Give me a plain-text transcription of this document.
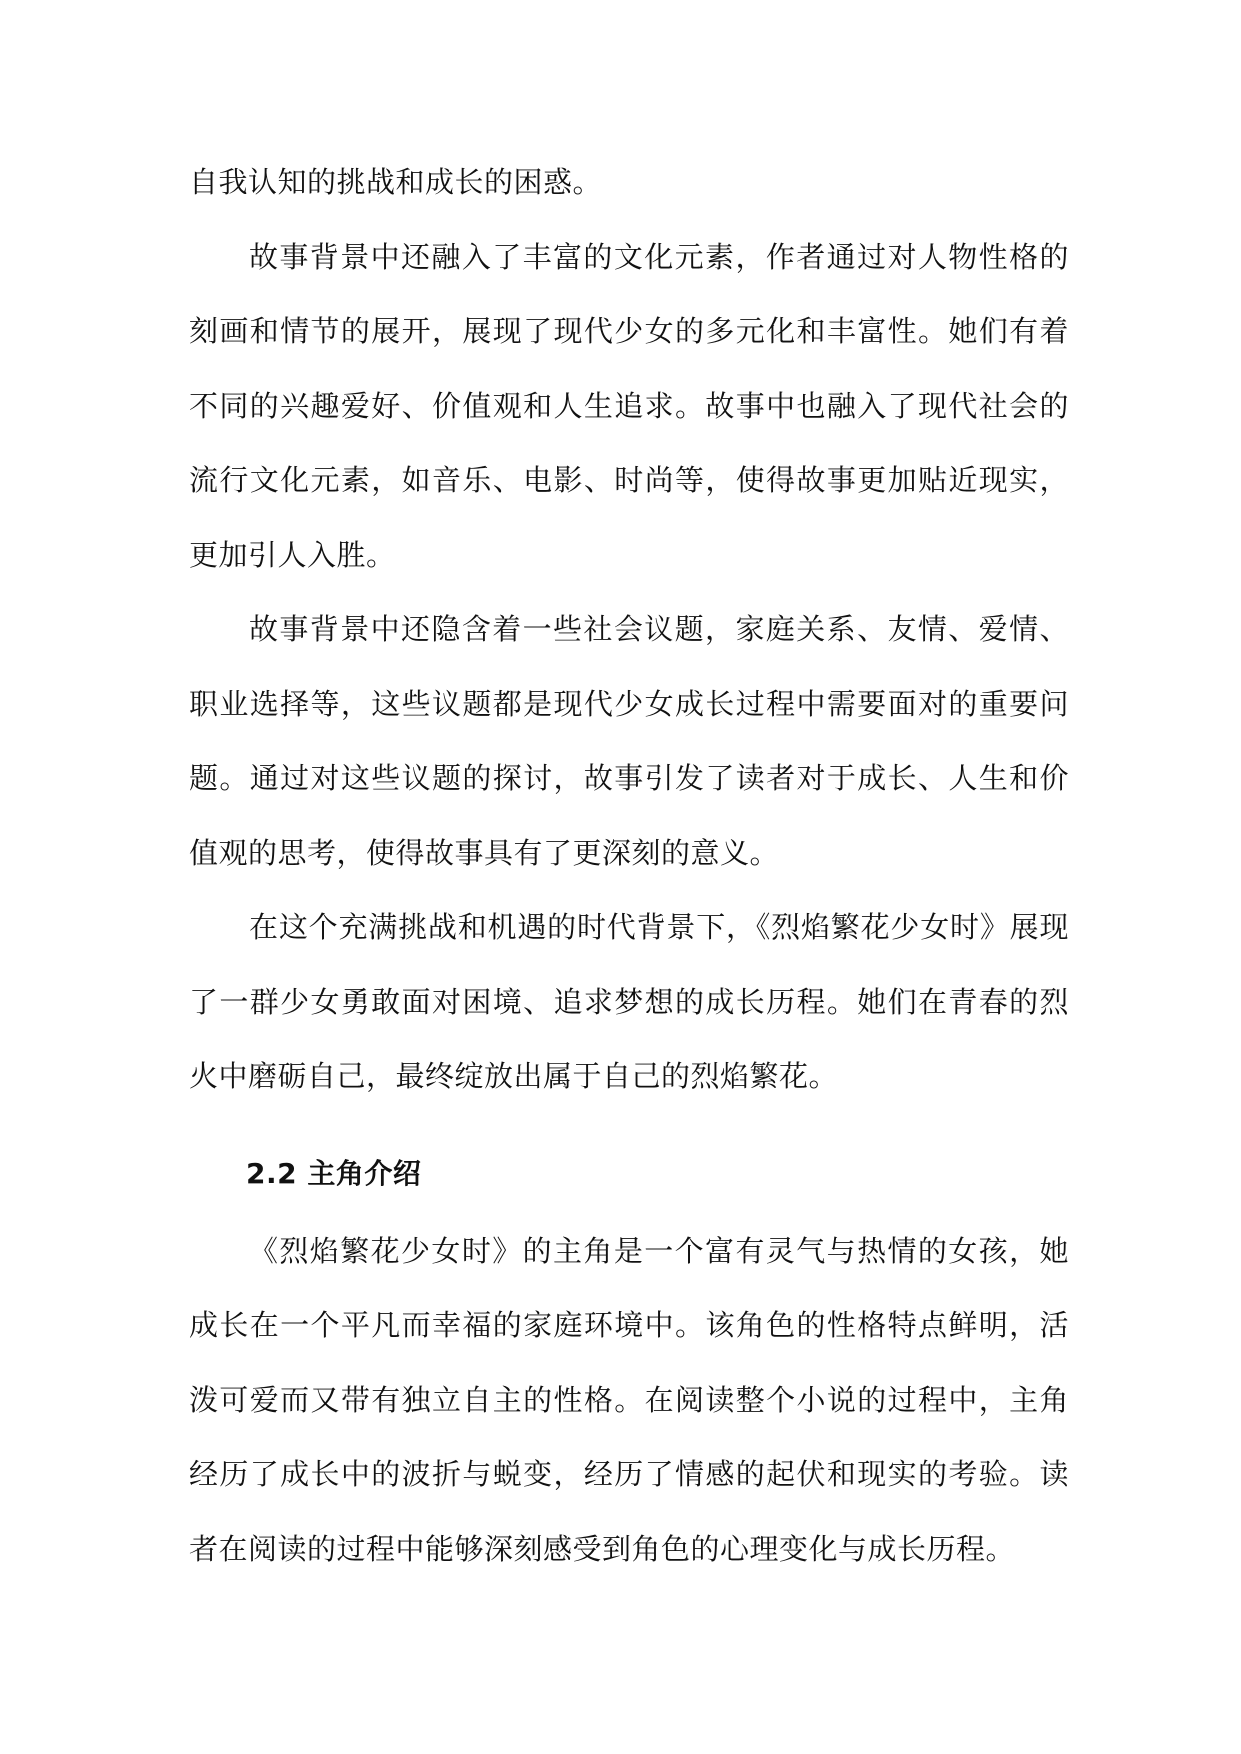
自我认知的挑战和成长的困惑。

故事背景中还融入了丰富的文化元素，作者通过对人物性格的刻画和情节的展开，展现了现代少女的多元化和丰富性。她们有着不同的兴趣爱好、价值观和人生追求。故事中也融入了现代社会的流行文化元素，如音乐、电影、时尚等，使得故事更加贴近现实，更加引人入胜。

故事背景中还隐含着一些社会议题，家庭关系、友情、爱情、职业选择等，这些议题都是现代少女成长过程中需要面对的重要问题。通过对这些议题的探讨，故事引发了读者对于成长、人生和价值观的思考，使得故事具有了更深刻的意义。

在这个充满挑战和机遇的时代背景下，《烈焰繁花少女时》展现了一群少女勇敢面对困境、追求梦想的成长历程。她们在青春的烈火中磨砺自己，最终绽放出属于自己的烈焰繁花。

2.2 主角介绍

《烈焰繁花少女时》的主角是一个富有灵气与热情的女孩，她成长在一个平凡而幸福的家庭环境中。该角色的性格特点鲜明，活泼可爱而又带有独立自主的性格。在阅读整个小说的过程中，主角经历了成长中的波折与蜕变，经历了情感的起伏和现实的考验。读者在阅读的过程中能够深刻感受到角色的心理变化与成长历程。
